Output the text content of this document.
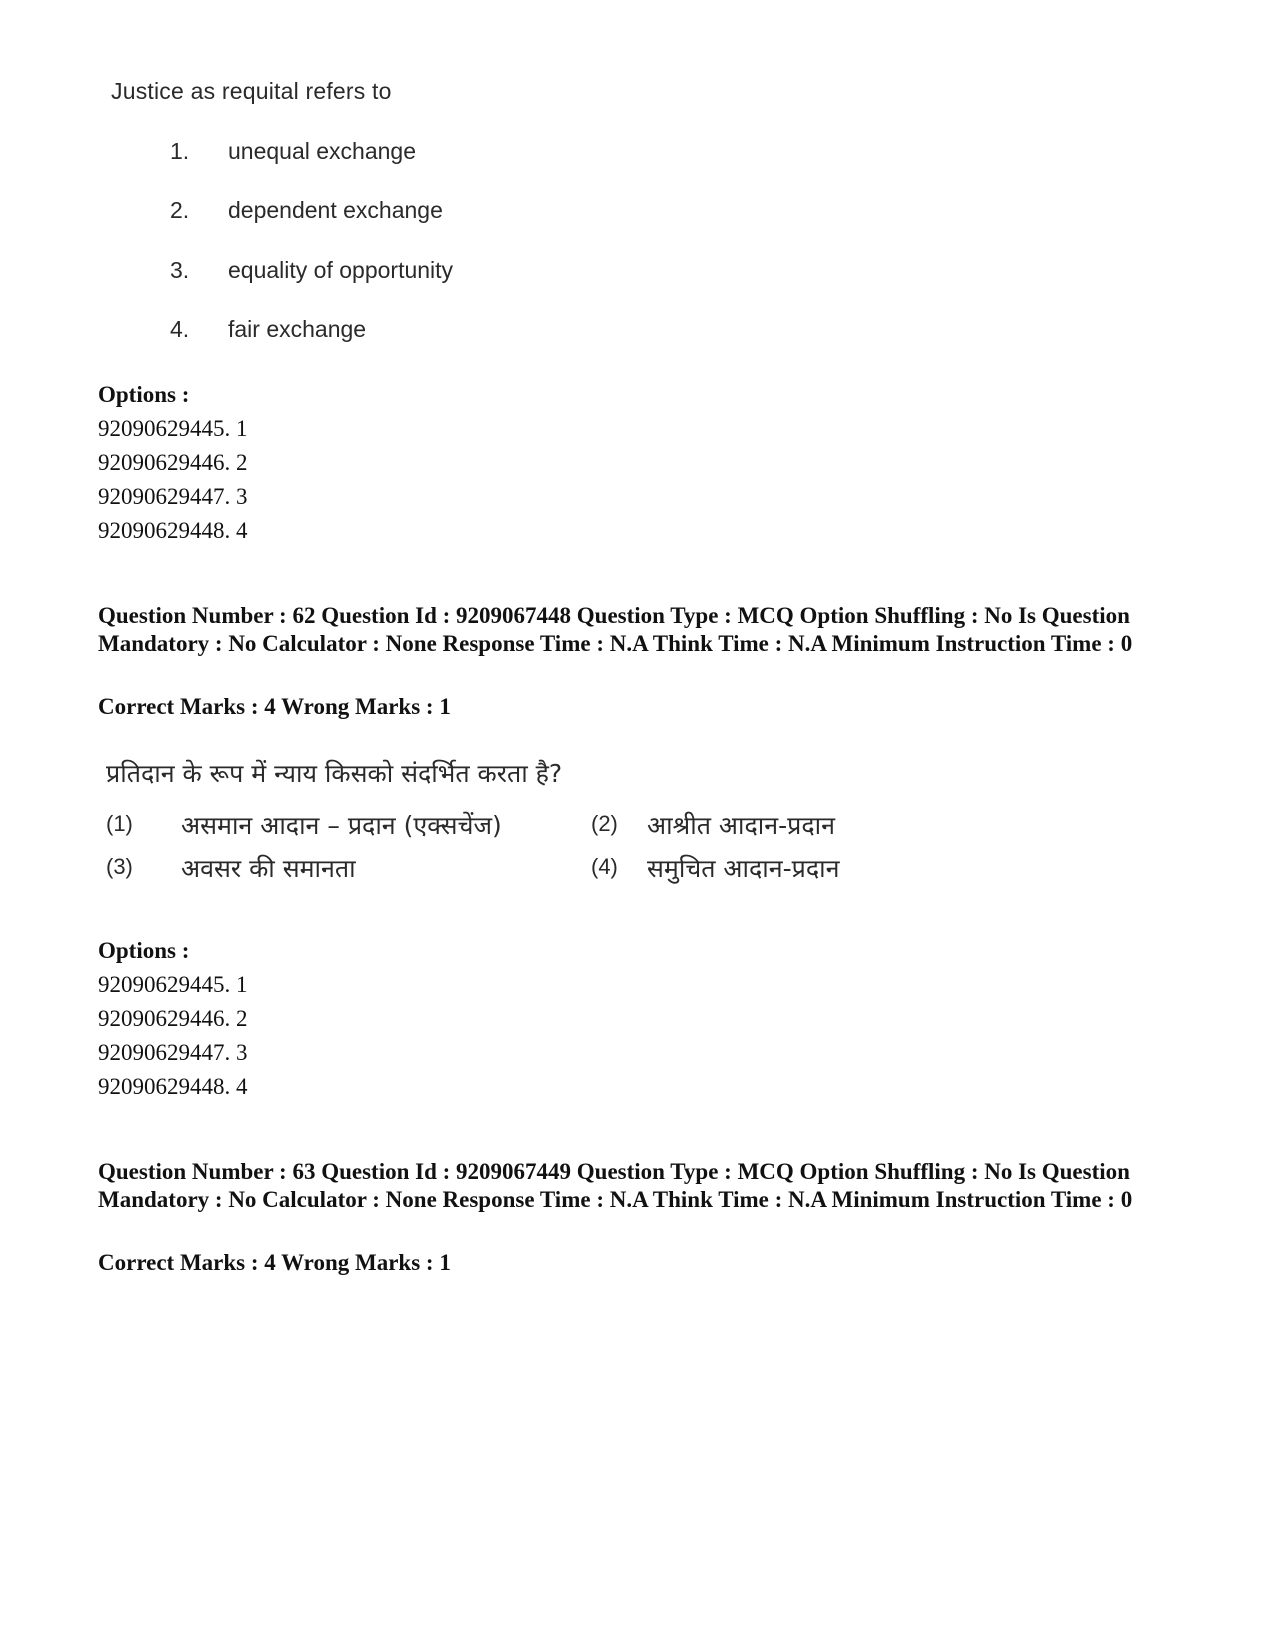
Justice as requital refers to
1.	unequal exchange
2.	dependent exchange
3.	equality of opportunity
4.	fair exchange
Options :
92090629445. 1
92090629446. 2
92090629447. 3
92090629448. 4
Question Number : 62 Question Id : 9209067448 Question Type : MCQ Option Shuffling : No Is Question Mandatory : No Calculator : None Response Time : N.A Think Time : N.A Minimum Instruction Time : 0
Correct Marks : 4 Wrong Marks : 1
प्रतिदान के रूप में न्याय किसको संदर्भित करता है?
(1)	असमान आदान – प्रदान (एक्सचेंज)	(2)	आश्रीत आदान-प्रदान
(3)	अवसर की समानता	(4)	समुचित आदान-प्रदान
Options :
92090629445. 1
92090629446. 2
92090629447. 3
92090629448. 4
Question Number : 63 Question Id : 9209067449 Question Type : MCQ Option Shuffling : No Is Question Mandatory : No Calculator : None Response Time : N.A Think Time : N.A Minimum Instruction Time : 0
Correct Marks : 4 Wrong Marks : 1
